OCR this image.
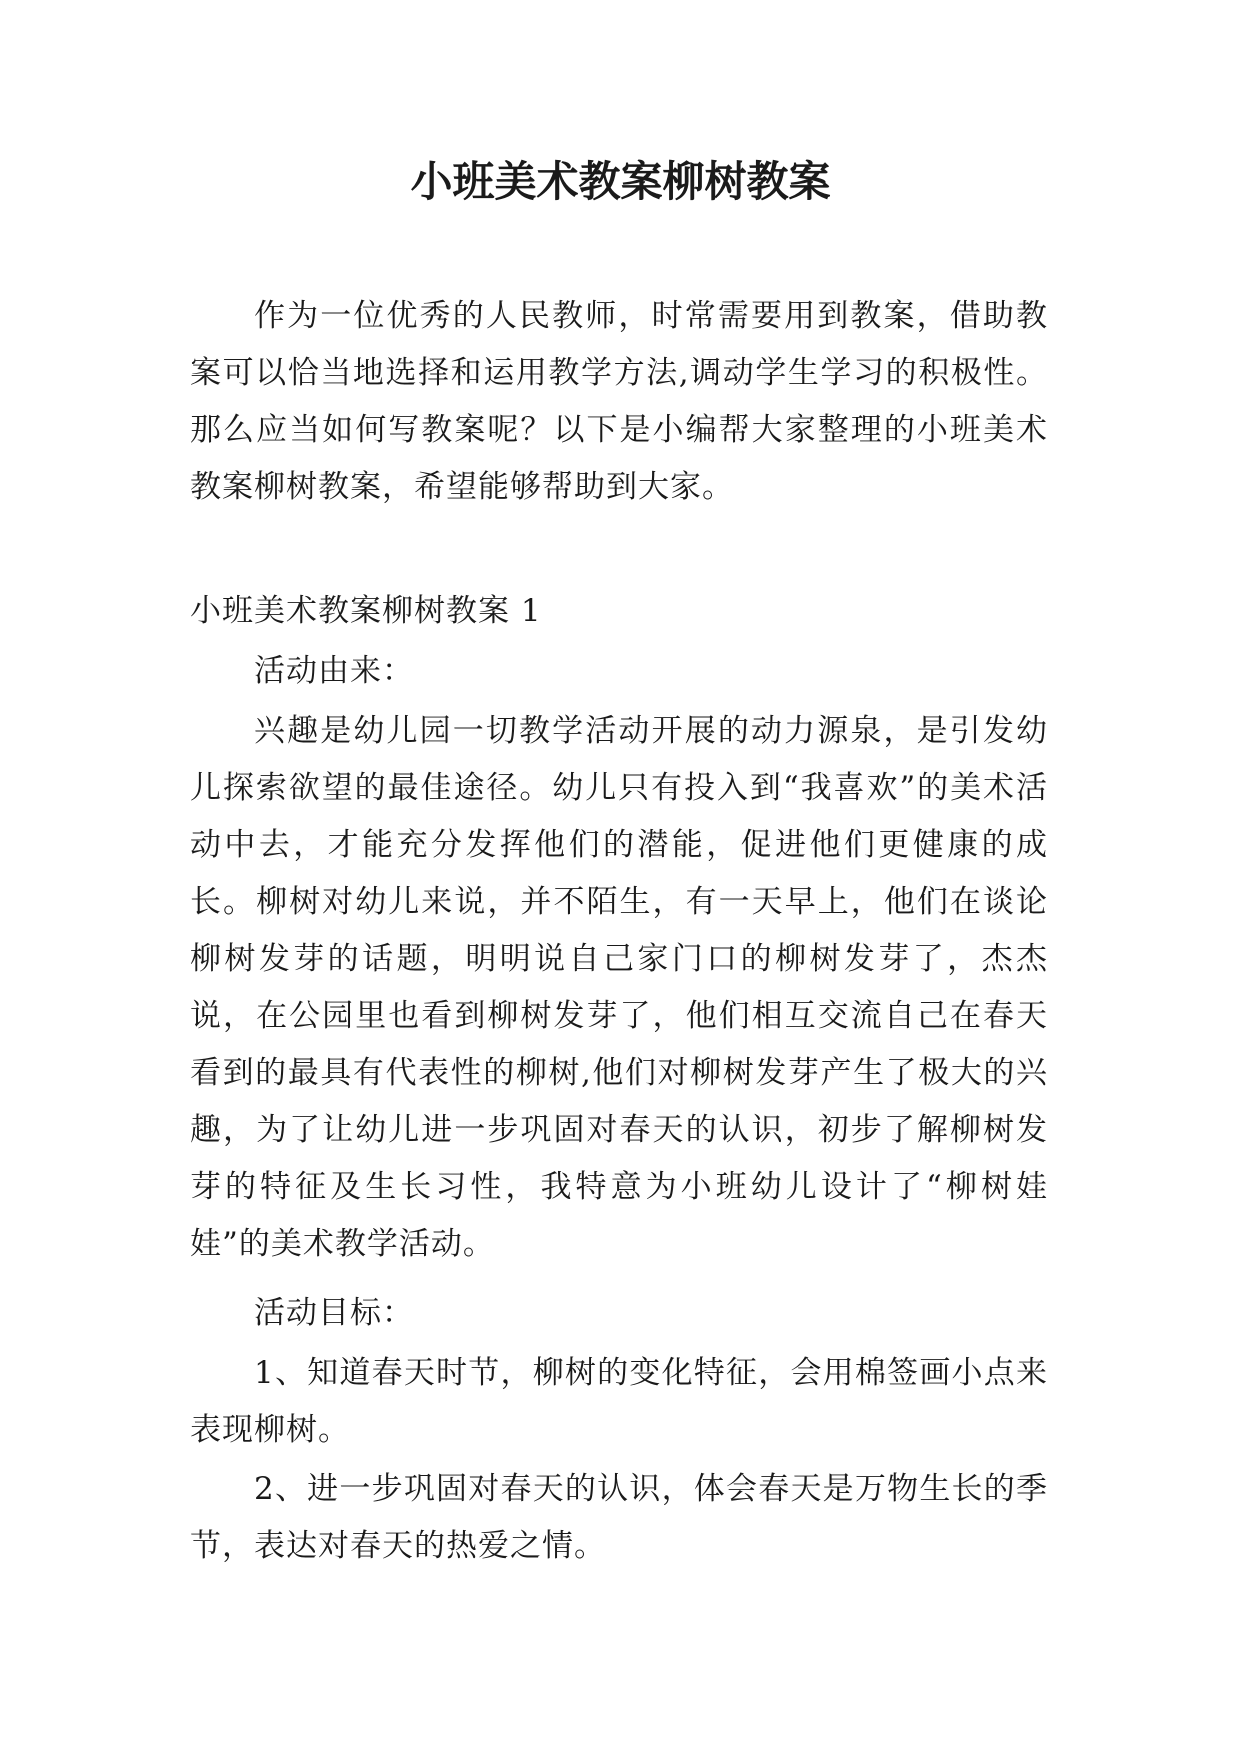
小班美术教案柳树教案

作为一位优秀的人民教师，时常需要用到教案，借助教案可以恰当地选择和运用教学方法,调动学生学习的积极性。那么应当如何写教案呢？以下是小编帮大家整理的小班美术教案柳树教案，希望能够帮助到大家。

小班美术教案柳树教案 1

活动由来：

兴趣是幼儿园一切教学活动开展的动力源泉，是引发幼儿探索欲望的最佳途径。幼儿只有投入到“我喜欢”的美术活动中去，才能充分发挥他们的潜能，促进他们更健康的成长。柳树对幼儿来说，并不陌生，有一天早上，他们在谈论柳树发芽的话题，明明说自己家门口的柳树发芽了，杰杰说，在公园里也看到柳树发芽了，他们相互交流自己在春天看到的最具有代表性的柳树,他们对柳树发芽产生了极大的兴趣，为了让幼儿进一步巩固对春天的认识，初步了解柳树发芽的特征及生长习性，我特意为小班幼儿设计了“柳树娃娃”的美术教学活动。

活动目标：

1、知道春天时节，柳树的变化特征，会用棉签画小点来表现柳树。

2、进一步巩固对春天的认识，体会春天是万物生长的季节，表达对春天的热爱之情。
